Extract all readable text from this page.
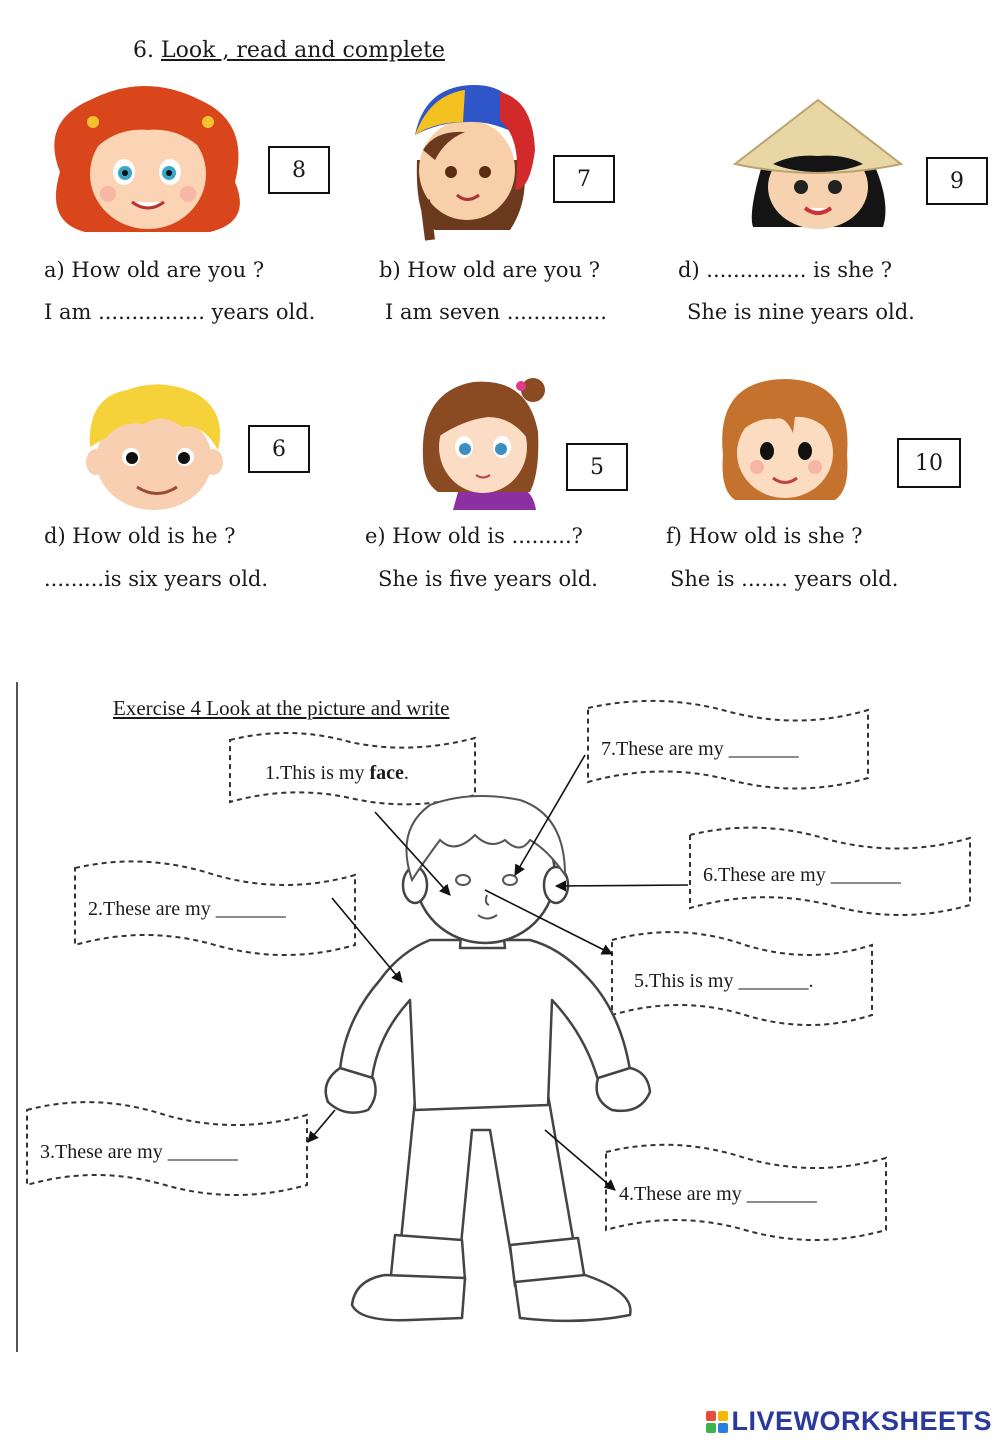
6. Look , read and complete
8
a) How old are you ?
I am ................ years old.
7
b) How old are you ?
I am seven ...............
9
d) ............... is she ?
She is nine years old.
6
d) How old is he ?
.........is six years old.
5
e) How old is .........?
She is five years old.
10
f) How old is she ?
She is ....... years old.
Exercise 4 Look at the picture and write
1.This is my face.
7.These are my _______
6.These are my _______
2.These are my _______
5.This is my _______.
3.These are my _______
4.These are my _______
LIVEWORKSHEETS
